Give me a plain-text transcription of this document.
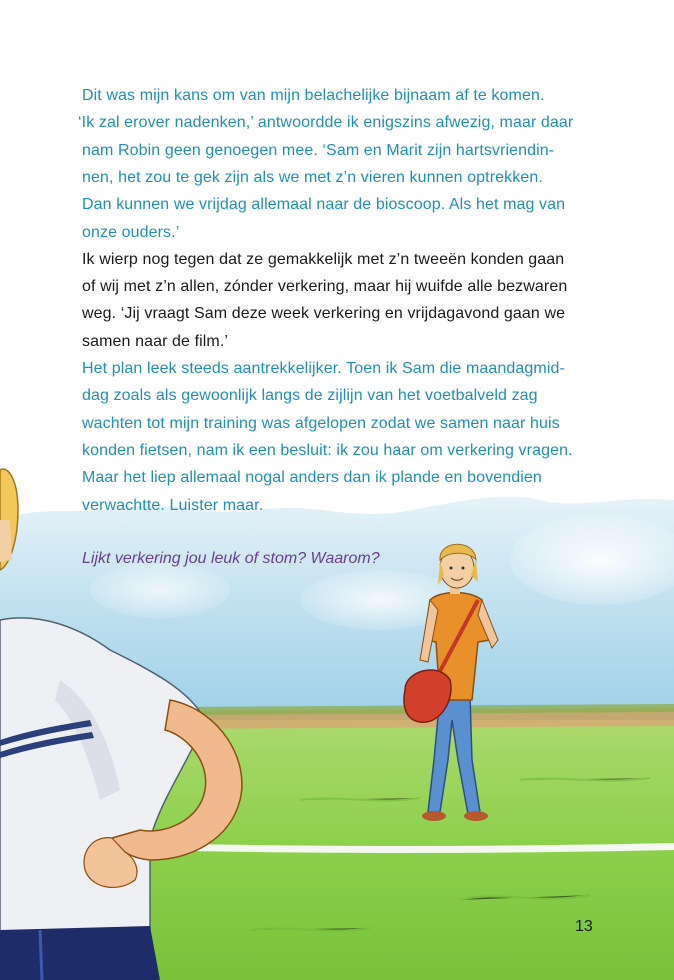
Dit was mijn kans om van mijn belachelijke bijnaam af te komen.
‘Ik zal erover nadenken,’ antwoordde ik enigszins afwezig, maar daar
nam Robin geen genoegen mee. ‘Sam en Marit zijn hartsvriendin-
nen, het zou te gek zijn als we met z’n vieren kunnen optrekken.
Dan kunnen we vrijdag allemaal naar de bioscoop. Als het mag van
onze ouders.’
Ik wierp nog tegen dat ze gemakkelijk met z’n tweeën konden gaan
of wij met z’n allen, zónder verkering, maar hij wuifde alle bezwaren
weg. ‘Jij vraagt Sam deze week verkering en vrijdagavond gaan we
samen naar de film.’
Het plan leek steeds aantrekkelijker. Toen ik Sam die maandagmid-
dag zoals als gewoonlijk langs de zijlijn van het voetbalveld zag
wachten tot mijn training was afgelopen zodat we samen naar huis
konden fietsen, nam ik een besluit: ik zou haar om verkering vragen.
Maar het liep allemaal nogal anders dan ik plande en bovendien
verwachtte. Luister maar.
Lijkt verkering jou leuk of stom? Waarom?
13
